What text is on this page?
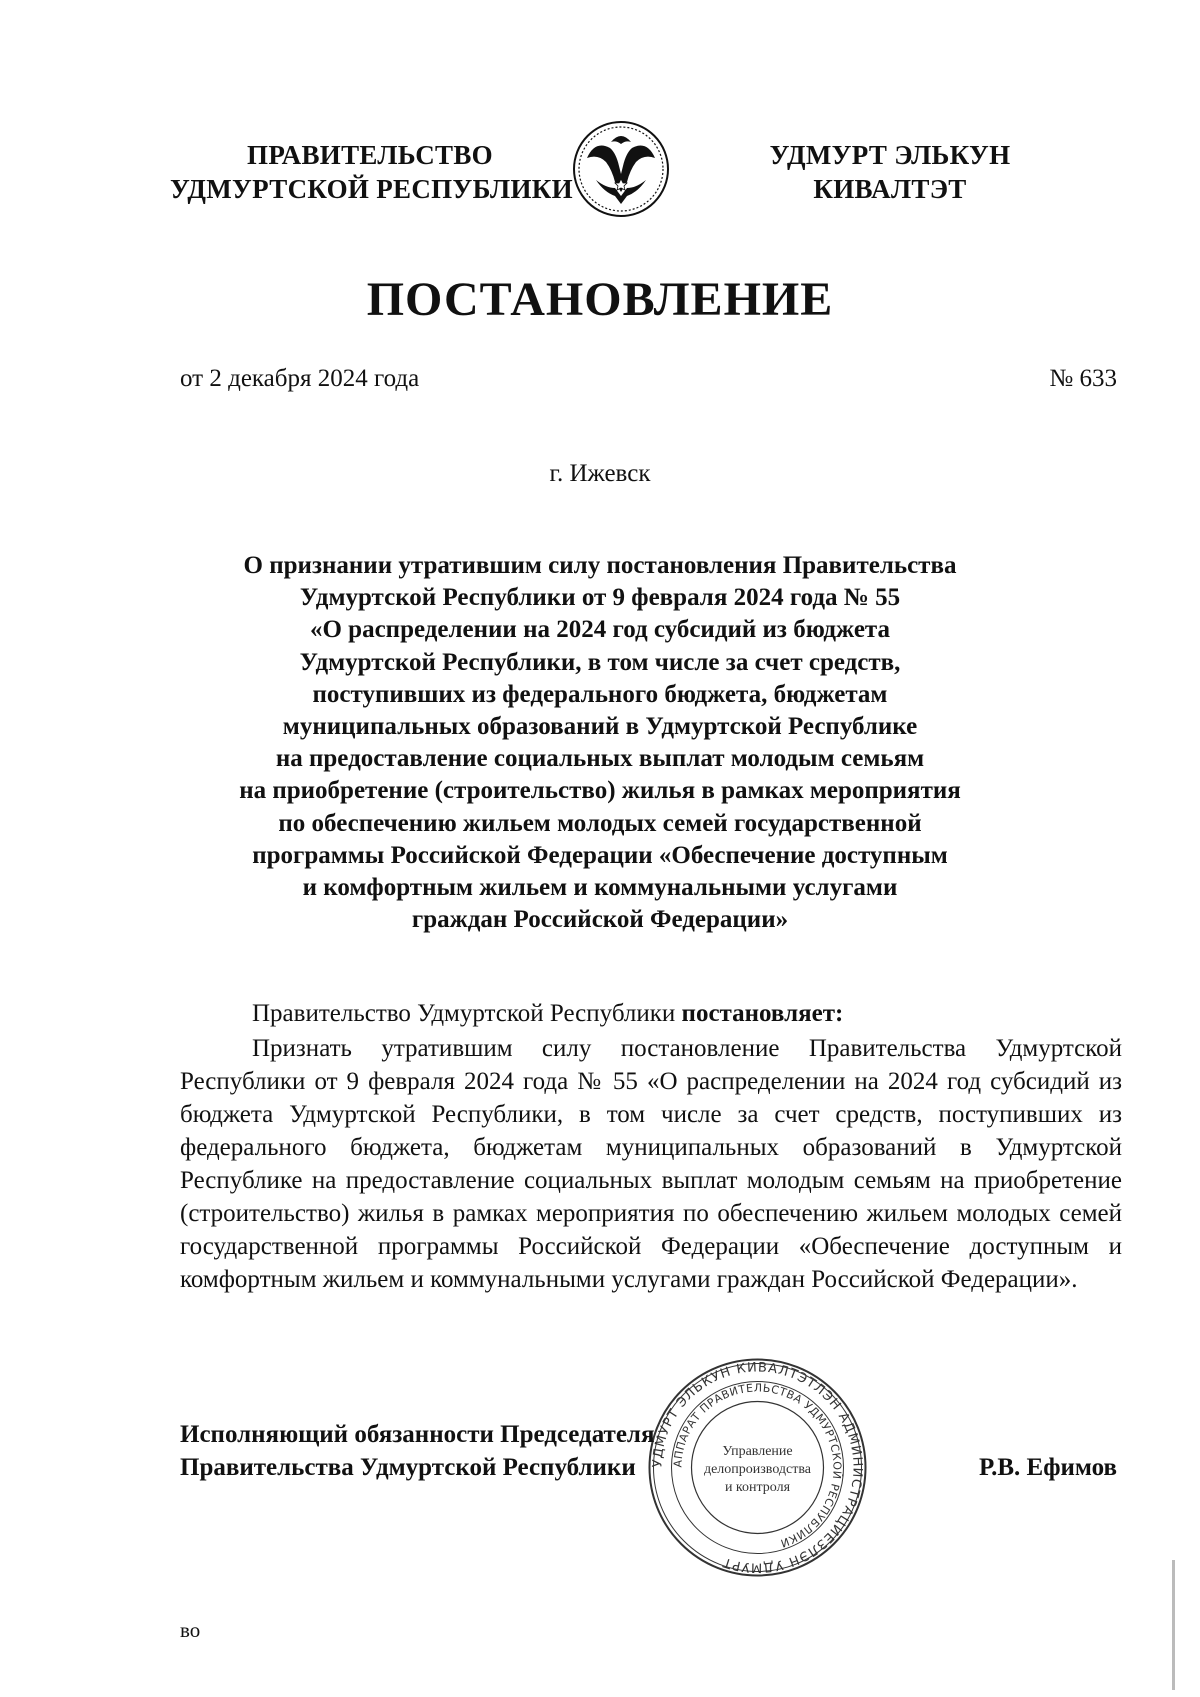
ПРАВИТЕЛЬСТВО
УДМУРТСКОЙ РЕСПУБЛИКИ
УДМУРТ ЭЛЬКУН
КИВАЛТЭТ
ПОСТАНОВЛЕНИЕ
от 2 декабря 2024 года	№ 633
г. Ижевск
О признании утратившим силу постановления Правительства
Удмуртской Республики от 9 февраля 2024 года № 55
«О распределении на 2024 год субсидий из бюджета
Удмуртской Республики, в том числе за счет средств,
поступивших из федерального бюджета, бюджетам
муниципальных образований в Удмуртской Республике
на предоставление социальных выплат молодым семьям
на приобретение (строительство) жилья в рамках мероприятия
по обеспечению жильем молодых семей государственной
программы Российской Федерации «Обеспечение доступным
и комфортным жильем и коммунальными услугами
граждан Российской Федерации»
Правительство Удмуртской Республики постановляет:
Признать утратившим силу постановление Правительства Удмуртской Республики от 9 февраля 2024 года № 55 «О распределении на 2024 год субсидий из бюджета Удмуртской Республики, в том числе за счет средств, поступивших из федерального бюджета, бюджетам муниципальных образований в Удмуртской Республике на предоставление социальных выплат молодым семьям на приобретение (строительство) жилья в рамках мероприятия по обеспечению жильем молодых семей государственной программы Российской Федерации «Обеспечение доступным и комфортным жильем и коммунальными услугами граждан Российской Федерации».
УДМУРТ ЭЛЬКУН КИВАЛТЭТЛЭН АДМИНИСТРАЦИЕЗЛЭН УДМУРТ
АППАРАТ ПРАВИТЕЛЬСТВА УДМУРТСКОЙ РЕСПУБЛИКИ
Управление
делопроизводства
и контроля
Исполняющий обязанности Председателя
Правительства Удмуртской Республики	Р.В. Ефимов
во
